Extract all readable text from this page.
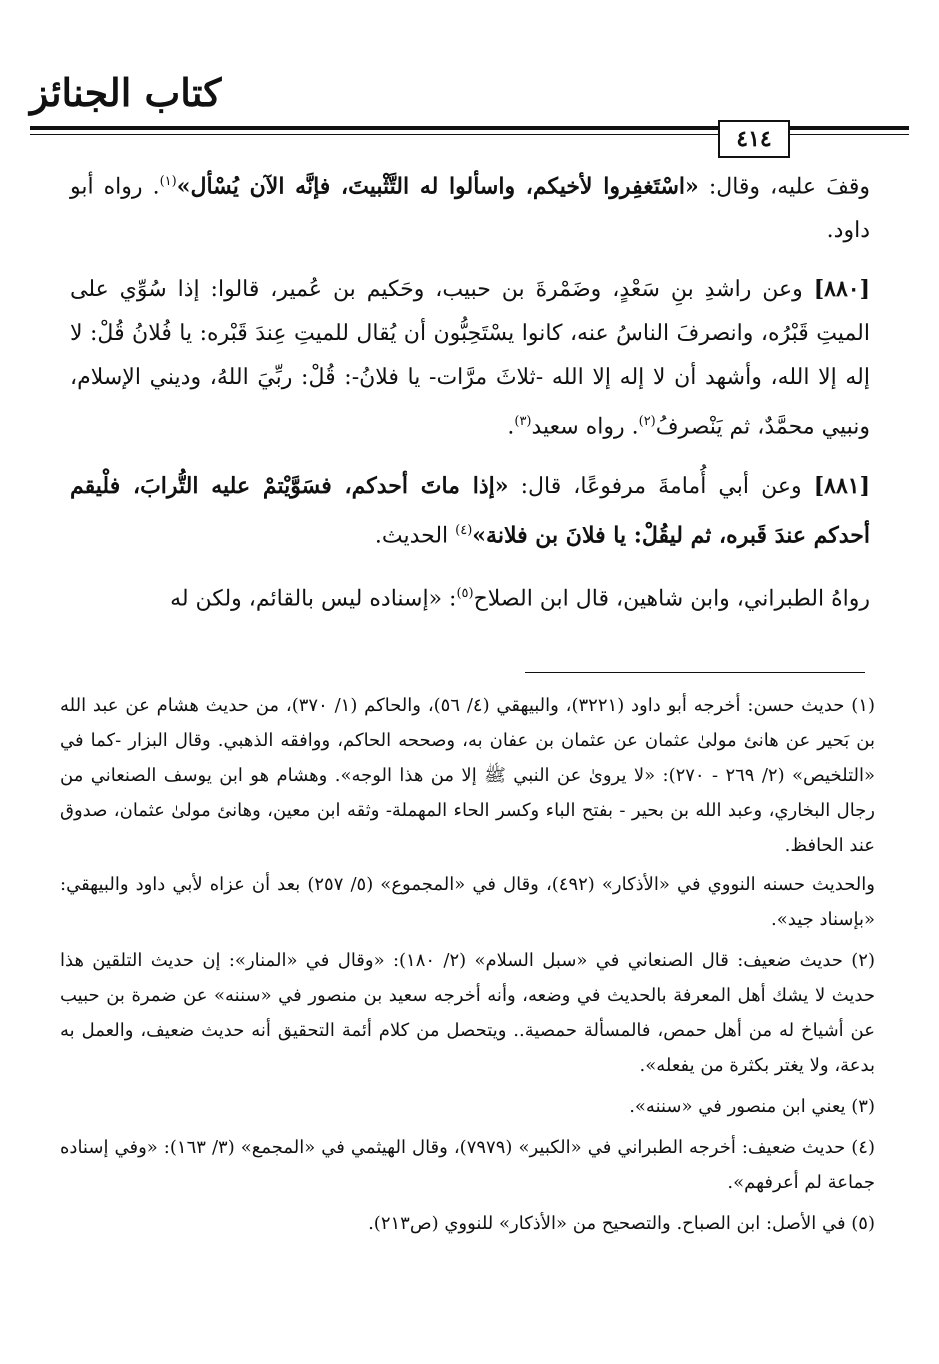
كتاب الجنائز
٤١٤

وقفَ عليه، وقال: «اسْتَغفِروا لأخيكم، واسألوا له التَّثْبيتَ، فإنَّه الآن يُسْأل»$^{(١)}$. رواه أبو داود.

[٨٨٠] وعن راشدِ بنِ سَعْدٍ، وضَمْرةَ بن حبيب، وحَكيم بن عُمير، قالوا: إذا سُوِّي على الميتِ قَبْرُه، وانصرفَ الناسُ عنه، كانوا يسْتَحِبُّون أن يُقال للميتِ عِندَ قَبْره: يا فُلانُ قُلْ: لا إله إلا الله، وأشهد أن لا إله إلا الله -ثلاثَ مرَّات- يا فلانُ-: قُلْ: ربِّيَ اللهُ، وديني الإسلام، ونبيي محمَّدٌ، ثم يَنْصرفُ$^{(٢)}$. رواه سعيد$^{(٣)}$.

[٨٨١] وعن أبي أُمامةَ مرفوعًا، قال: «إذا ماتَ أحدكم، فسَوَّيْتمْ عليه التُّرابَ، فلْيقم أحدكم عندَ قَبره، ثم ليقُلْ: يا فلانَ بن فلانة»$^{(٤)}$ الحديث.

رواهُ الطبراني، وابن شاهين، قال ابن الصلاح$^{(٥)}$: «إسناده ليس بالقائم، ولكن له

(١) حديث حسن: أخرجه أبو داود (٣٢٢١)، والبيهقي (٤/ ٥٦)، والحاكم (١/ ٣٧٠)، من حديث هشام عن عبد الله بن بَحير عن هانئ مولىٰ عثمان عن عثمان بن عفان به، وصححه الحاكم، ووافقه الذهبي. وقال البزار -كما في «التلخيص» (٢/ ٢٦٩ - ٢٧٠): «لا يروىٰ عن النبي ﷺ إلا من هذا الوجه». وهشام هو ابن يوسف الصنعاني من رجال البخاري، وعبد الله بن بحير - بفتح الباء وكسر الحاء المهملة- وثقه ابن معين، وهانئ مولىٰ عثمان، صدوق عند الحافظ.

والحديث حسنه النووي في «الأذكار» (٤٩٢)، وقال في «المجموع» (٥/ ٢٥٧) بعد أن عزاه لأبي داود والبيهقي: «بإسناد جيد».

(٢) حديث ضعيف: قال الصنعاني في «سبل السلام» (٢/ ١٨٠): «وقال في «المنار»: إن حديث التلقين هذا حديث لا يشك أهل المعرفة بالحديث في وضعه، وأنه أخرجه سعيد بن منصور في «سننه» عن ضمرة بن حبيب عن أشياخ له من أهل حمص، فالمسألة حمصية.. ويتحصل من كلام أئمة التحقيق أنه حديث ضعيف، والعمل به بدعة، ولا يغتر بكثرة من يفعله».

(٣) يعني ابن منصور في «سننه».

(٤) حديث ضعيف: أخرجه الطبراني في «الكبير» (٧٩٧٩)، وقال الهيثمي في «المجمع» (٣/ ١٦٣): «وفي إسناده جماعة لم أعرفهم».

(٥) في الأصل: ابن الصباح. والتصحيح من «الأذكار» للنووي (ص٢١٣).
